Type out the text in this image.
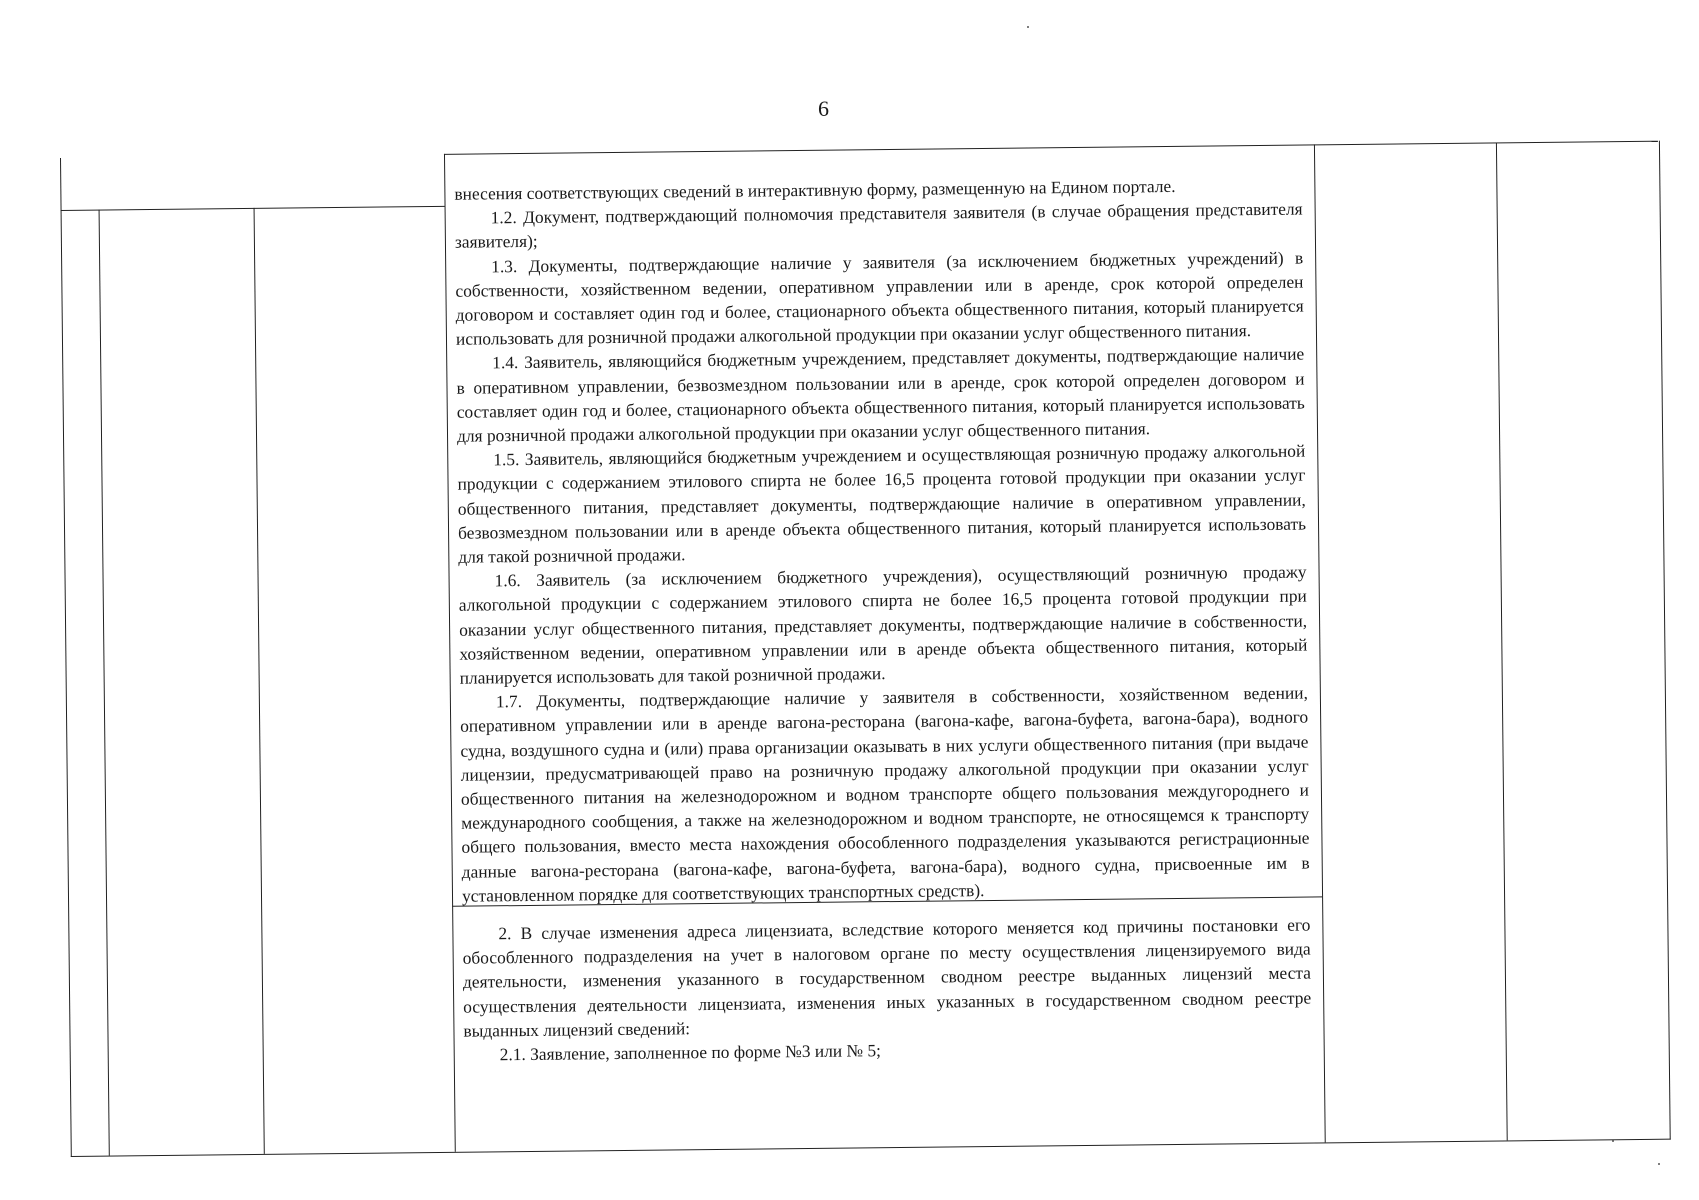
6

внесения соответствующих сведений в интерактивную форму, размещенную на Едином портале.

1.2. Документ, подтверждающий полномочия представителя заявителя (в случае обращения представителя заявителя);

1.3. Документы, подтверждающие наличие у заявителя (за исключением бюджетных учреждений) в собственности, хозяйственном ведении, оперативном управлении или в аренде, срок которой определен договором и составляет один год и более, стационарного объекта общественного питания, который планируется использовать для розничной продажи алкогольной продукции при оказании услуг общественного питания.

1.4. Заявитель, являющийся бюджетным учреждением, представляет документы, подтверждающие наличие в оперативном управлении, безвозмездном пользовании или в аренде, срок которой определен договором и составляет один год и более, стационарного объекта общественного питания, который планируется использовать для розничной продажи алкогольной продукции при оказании услуг общественного питания.

1.5. Заявитель, являющийся бюджетным учреждением и осуществляющая розничную продажу алкогольной продукции с содержанием этилового спирта не более 16,5 процента готовой продукции при оказании услуг общественного питания, представляет документы, подтверждающие наличие в оперативном управлении, безвозмездном пользовании или в аренде объекта общественного питания, который планируется использовать для такой розничной продажи.

1.6. Заявитель (за исключением бюджетного учреждения), осуществляющий розничную продажу алкогольной продукции с содержанием этилового спирта не более 16,5 процента готовой продукции при оказании услуг общественного питания, представляет документы, подтверждающие наличие в собственности, хозяйственном ведении, оперативном управлении или в аренде объекта общественного питания, который планируется использовать для такой розничной продажи.

1.7. Документы, подтверждающие наличие у заявителя в собственности, хозяйственном ведении, оперативном управлении или в аренде вагона-ресторана (вагона-кафе, вагона-буфета, вагона-бара), водного судна, воздушного судна и (или) права организации оказывать в них услуги общественного питания (при выдаче лицензии, предусматривающей право на розничную продажу алкогольной продукции при оказании услуг общественного питания на железнодорожном и водном транспорте общего пользования междугороднего и международного сообщения, а также на железнодорожном и водном транспорте, не относящемся к транспорту общего пользования, вместо места нахождения обособленного подразделения указываются регистрационные данные вагона-ресторана (вагона-кафе, вагона-буфета, вагона-бара), водного судна, присвоенные им в установленном порядке для соответствующих транспортных средств).

2. В случае изменения адреса лицензиата, вследствие которого меняется код причины постановки его обособленного подразделения на учет в налоговом органе по месту осуществления лицензируемого вида деятельности, изменения указанного в государственном сводном реестре выданных лицензий места осуществления деятельности лицензиата, изменения иных указанных в государственном сводном реестре выданных лицензий сведений:

2.1. Заявление, заполненное по форме №3 или № 5;
